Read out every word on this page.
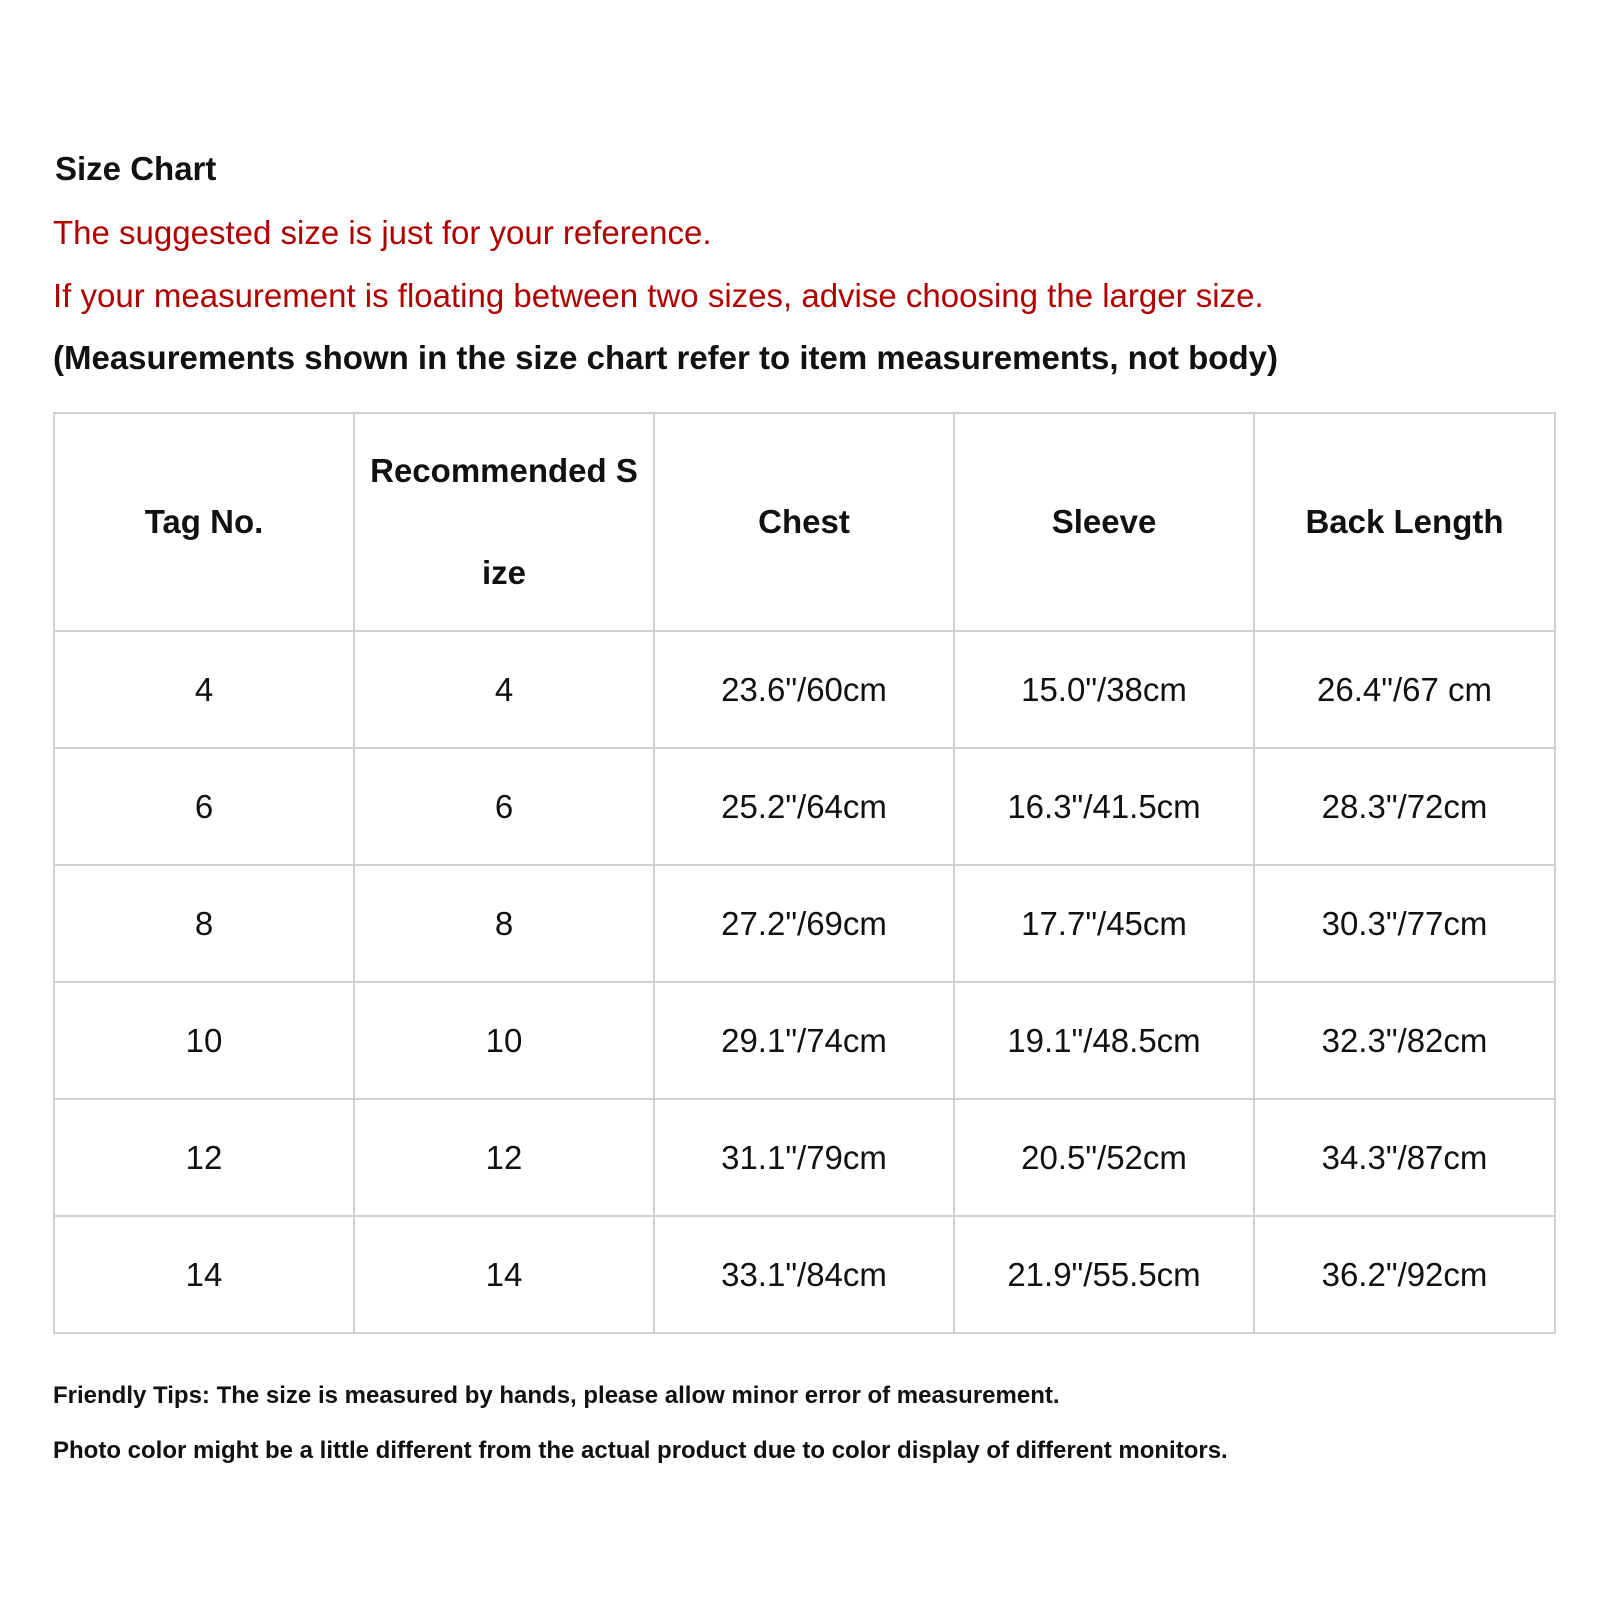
Size Chart
The suggested size is just for your reference.
If your measurement is floating between two sizes, advise choosing the larger size.
(Measurements shown in the size chart refer to item measurements, not body)
Tag No.	Recommended S ize	Chest	Sleeve	Back Length
4	4	23.6"/60cm	15.0"/38cm	26.4"/67 cm
6	6	25.2"/64cm	16.3"/41.5cm	28.3"/72cm
8	8	27.2"/69cm	17.7"/45cm	30.3"/77cm
10	10	29.1"/74cm	19.1"/48.5cm	32.3"/82cm
12	12	31.1"/79cm	20.5"/52cm	34.3"/87cm
14	14	33.1"/84cm	21.9"/55.5cm	36.2"/92cm
Friendly Tips: The size is measured by hands, please allow minor error of measurement.
Photo color might be a little different from the actual product due to color display of different monitors.
